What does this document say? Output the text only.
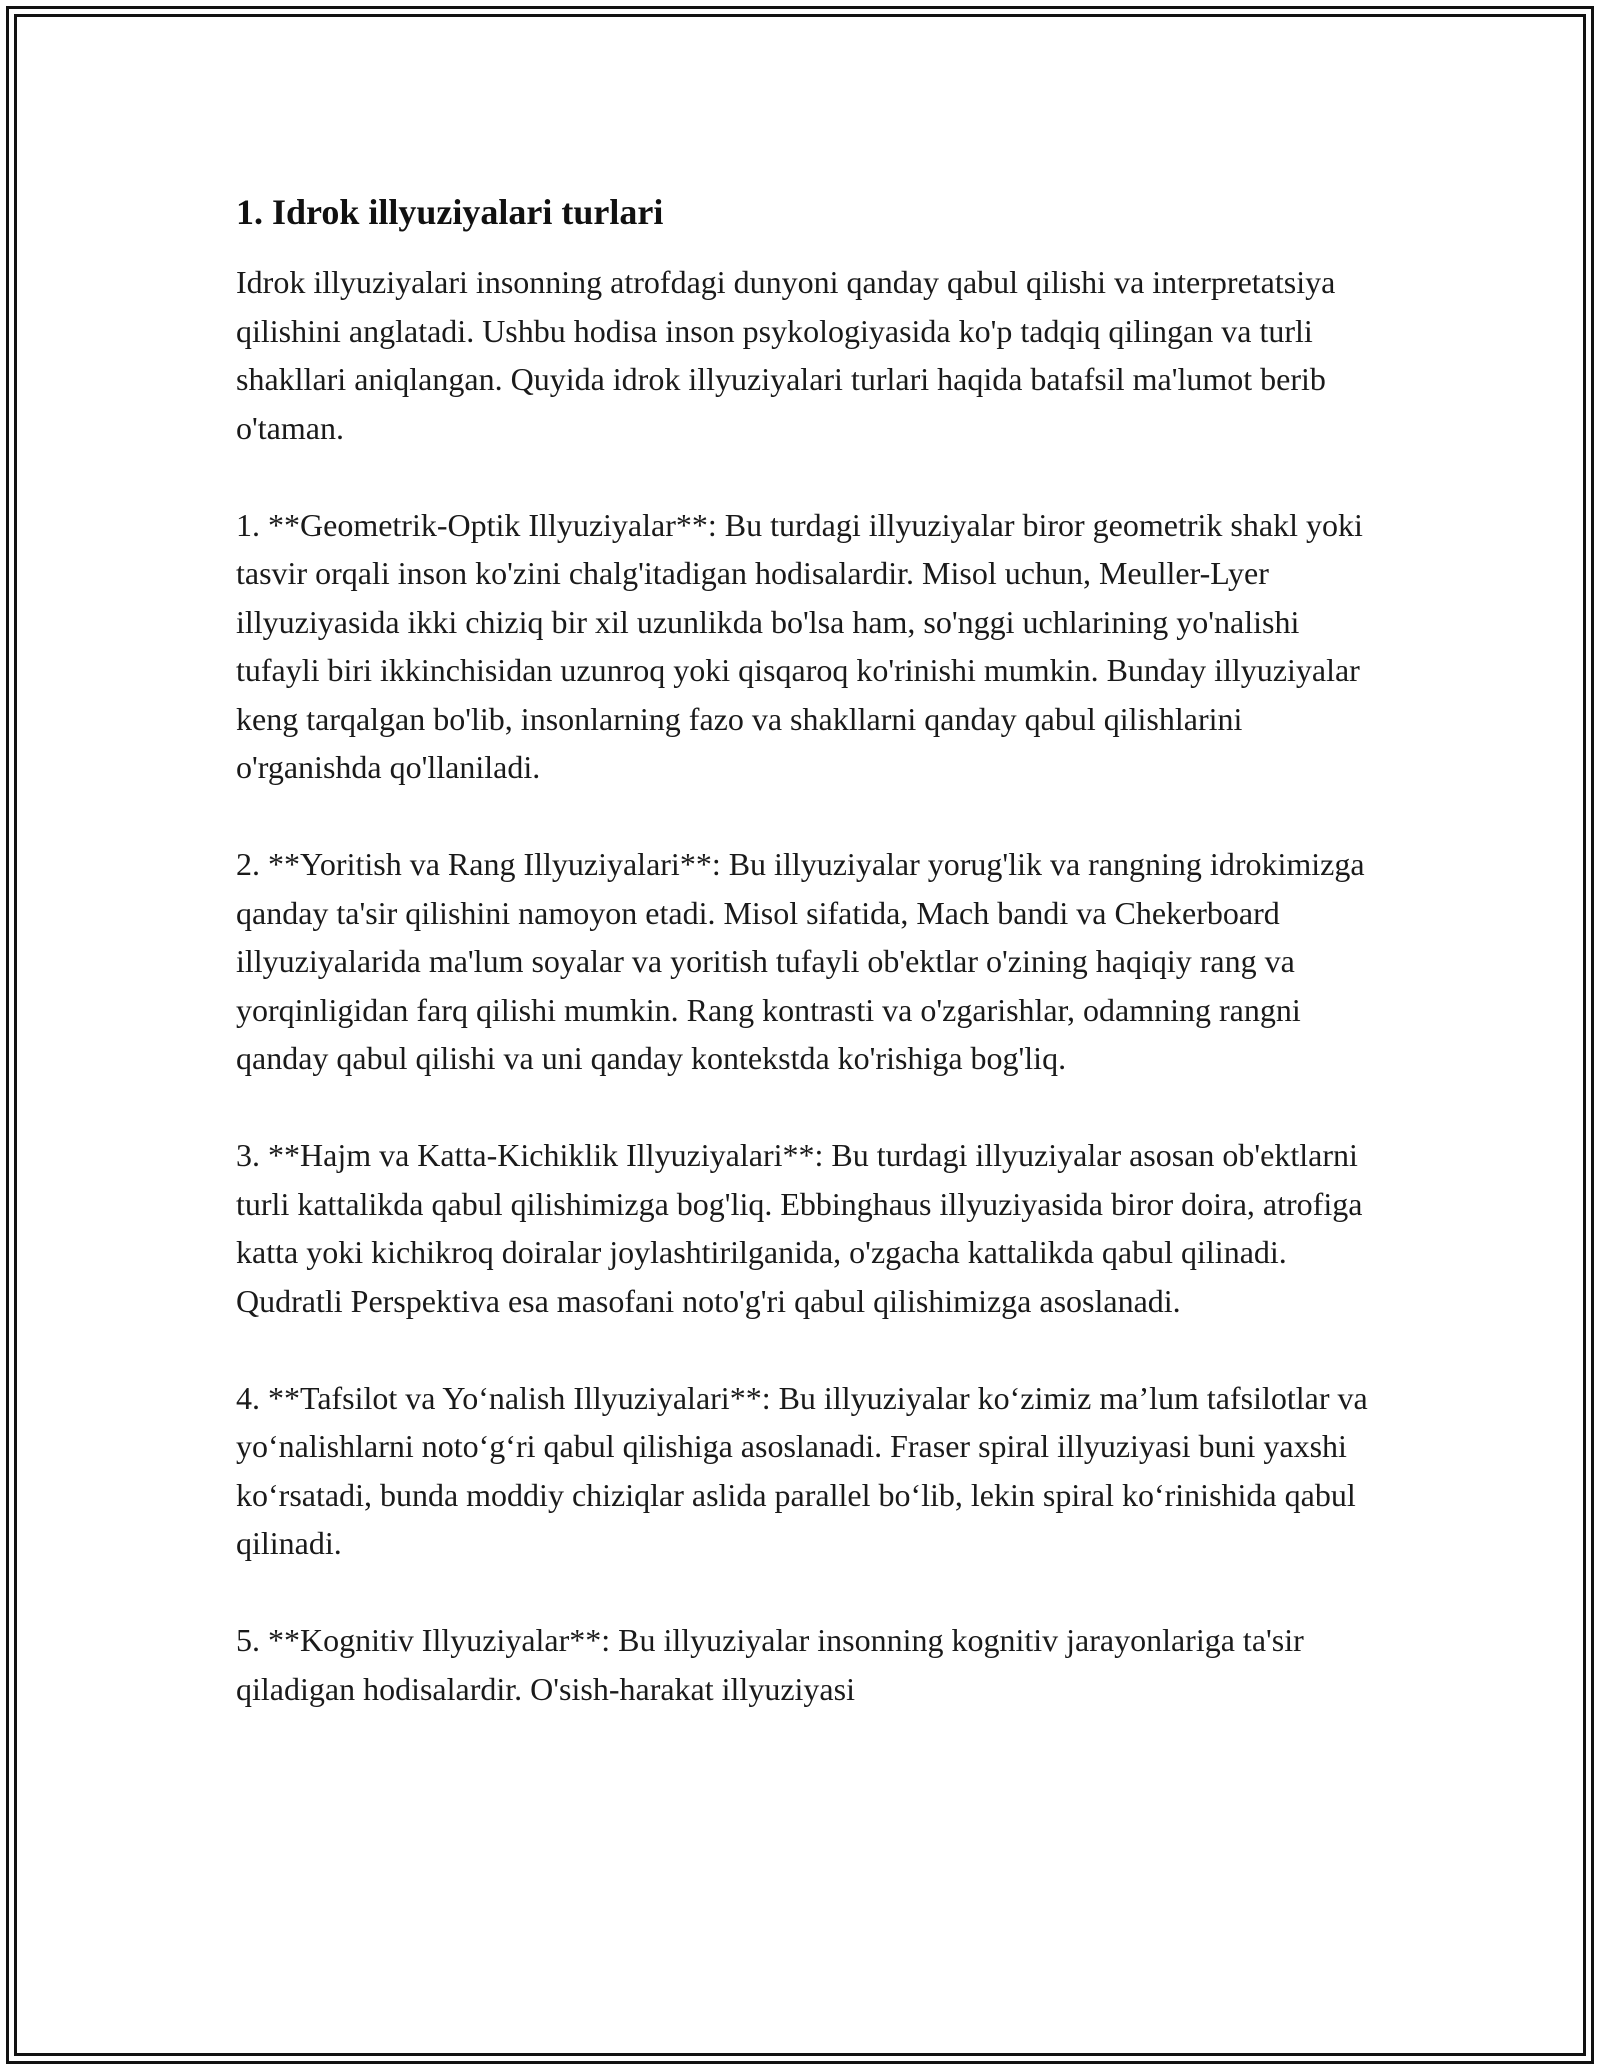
1. Idrok illyuziyalari turlari

Idrok illyuziyalari insonning atrofdagi dunyoni qanday qabul qilishi va interpretatsiya qilishini anglatadi. Ushbu hodisa inson psykologiyasida ko'p tadqiq qilingan va turli shakllari aniqlangan. Quyida idrok illyuziyalari turlari haqida batafsil ma'lumot berib o'taman.

1. **Geometrik-Optik Illyuziyalar**: Bu turdagi illyuziyalar biror geometrik shakl yoki tasvir orqali inson ko'zini chalg'itadigan hodisalardir. Misol uchun, Meuller-Lyer illyuziyasida ikki chiziq bir xil uzunlikda bo'lsa ham, so'nggi uchlarining yo'nalishi tufayli biri ikkinchisidan uzunroq yoki qisqaroq ko'rinishi mumkin. Bunday illyuziyalar keng tarqalgan bo'lib, insonlarning fazo va shakllarni qanday qabul qilishlarini o'rganishda qo'llaniladi.

2. **Yoritish va Rang Illyuziyalari**: Bu illyuziyalar yorug'lik va rangning idrokimizga qanday ta'sir qilishini namoyon etadi. Misol sifatida, Mach bandi va Chekerboard illyuziyalarida ma'lum soyalar va yoritish tufayli ob'ektlar o'zining haqiqiy rang va yorqinligidan farq qilishi mumkin. Rang kontrasti va o'zgarishlar, odamning rangni qanday qabul qilishi va uni qanday kontekstda ko'rishiga bog'liq.

3. **Hajm va Katta-Kichiklik Illyuziyalari**: Bu turdagi illyuziyalar asosan ob'ektlarni turli kattalikda qabul qilishimizga bog'liq. Ebbinghaus illyuziyasida biror doira, atrofiga katta yoki kichikroq doiralar joylashtirilganida, o'zgacha kattalikda qabul qilinadi. Qudratli Perspektiva esa masofani noto'g'ri qabul qilishimizga asoslanadi.

4. **Tafsilot va Yoʻnalish Illyuziyalari**: Bu illyuziyalar koʻzimiz maʼlum tafsilotlar va yoʻnalishlarni notoʻgʻri qabul qilishiga asoslanadi. Fraser spiral illyuziyasi buni yaxshi koʻrsatadi, bunda moddiy chiziqlar aslida parallel boʻlib, lekin spiral koʻrinishida qabul qilinadi.

5. **Kognitiv Illyuziyalar**: Bu illyuziyalar insonning kognitiv jarayonlariga ta'sir qiladigan hodisalardir. O'sish-harakat illyuziyasi
